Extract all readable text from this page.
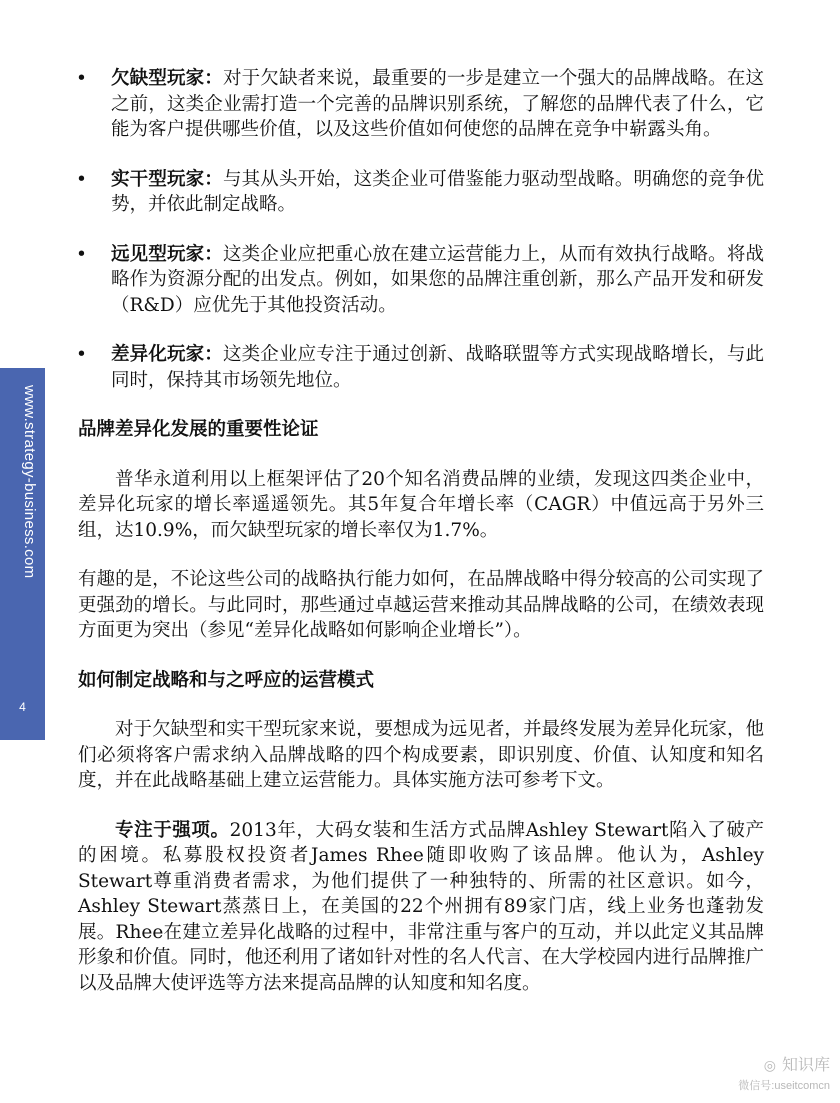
www.strategy-business.com
4
• 欠缺型玩家：对于欠缺者来说，最重要的一步是建立一个强大的品牌战略。在这之前，这类企业需打造一个完善的品牌识别系统，了解您的品牌代表了什么，它能为客户提供哪些价值，以及这些价值如何使您的品牌在竞争中崭露头角。
• 实干型玩家：与其从头开始，这类企业可借鉴能力驱动型战略。明确您的竞争优势，并依此制定战略。
• 远见型玩家：这类企业应把重心放在建立运营能力上，从而有效执行战略。将战略作为资源分配的出发点。例如，如果您的品牌注重创新，那么产品开发和研发（R&D）应优先于其他投资活动。
• 差异化玩家：这类企业应专注于通过创新、战略联盟等方式实现战略增长，与此同时，保持其市场领先地位。
品牌差异化发展的重要性论证

普华永道利用以上框架评估了20个知名消费品牌的业绩，发现这四类企业中，差异化玩家的增长率遥遥领先。其5年复合年增长率（CAGR）中值远高于另外三组，达10.9%，而欠缺型玩家的增长率仅为1.7%。

有趣的是，不论这些公司的战略执行能力如何，在品牌战略中得分较高的公司实现了更强劲的增长。与此同时，那些通过卓越运营来推动其品牌战略的公司，在绩效表现方面更为突出（参见“差异化战略如何影响企业增长”）。

如何制定战略和与之呼应的运营模式

对于欠缺型和实干型玩家来说，要想成为远见者，并最终发展为差异化玩家，他们必须将客户需求纳入品牌战略的四个构成要素，即识别度、价值、认知度和知名度，并在此战略基础上建立运营能力。具体实施方法可参考下文。

专注于强项。2013年，大码女装和生活方式品牌Ashley Stewart陷入了破产的困境。私募股权投资者James Rhee随即收购了该品牌。他认为，Ashley Stewart尊重消费者需求，为他们提供了一种独特的、所需的社区意识。如今，Ashley Stewart蒸蒸日上，在美国的22个州拥有89家门店，线上业务也蓬勃发展。Rhee在建立差异化战略的过程中，非常注重与客户的互动，并以此定义其品牌形象和价值。同时，他还利用了诸如针对性的名人代言、在大学校园内进行品牌推广以及品牌大使评选等方法来提高品牌的认知度和知名度。

◎ 知识库
微信号:useitcomcn
